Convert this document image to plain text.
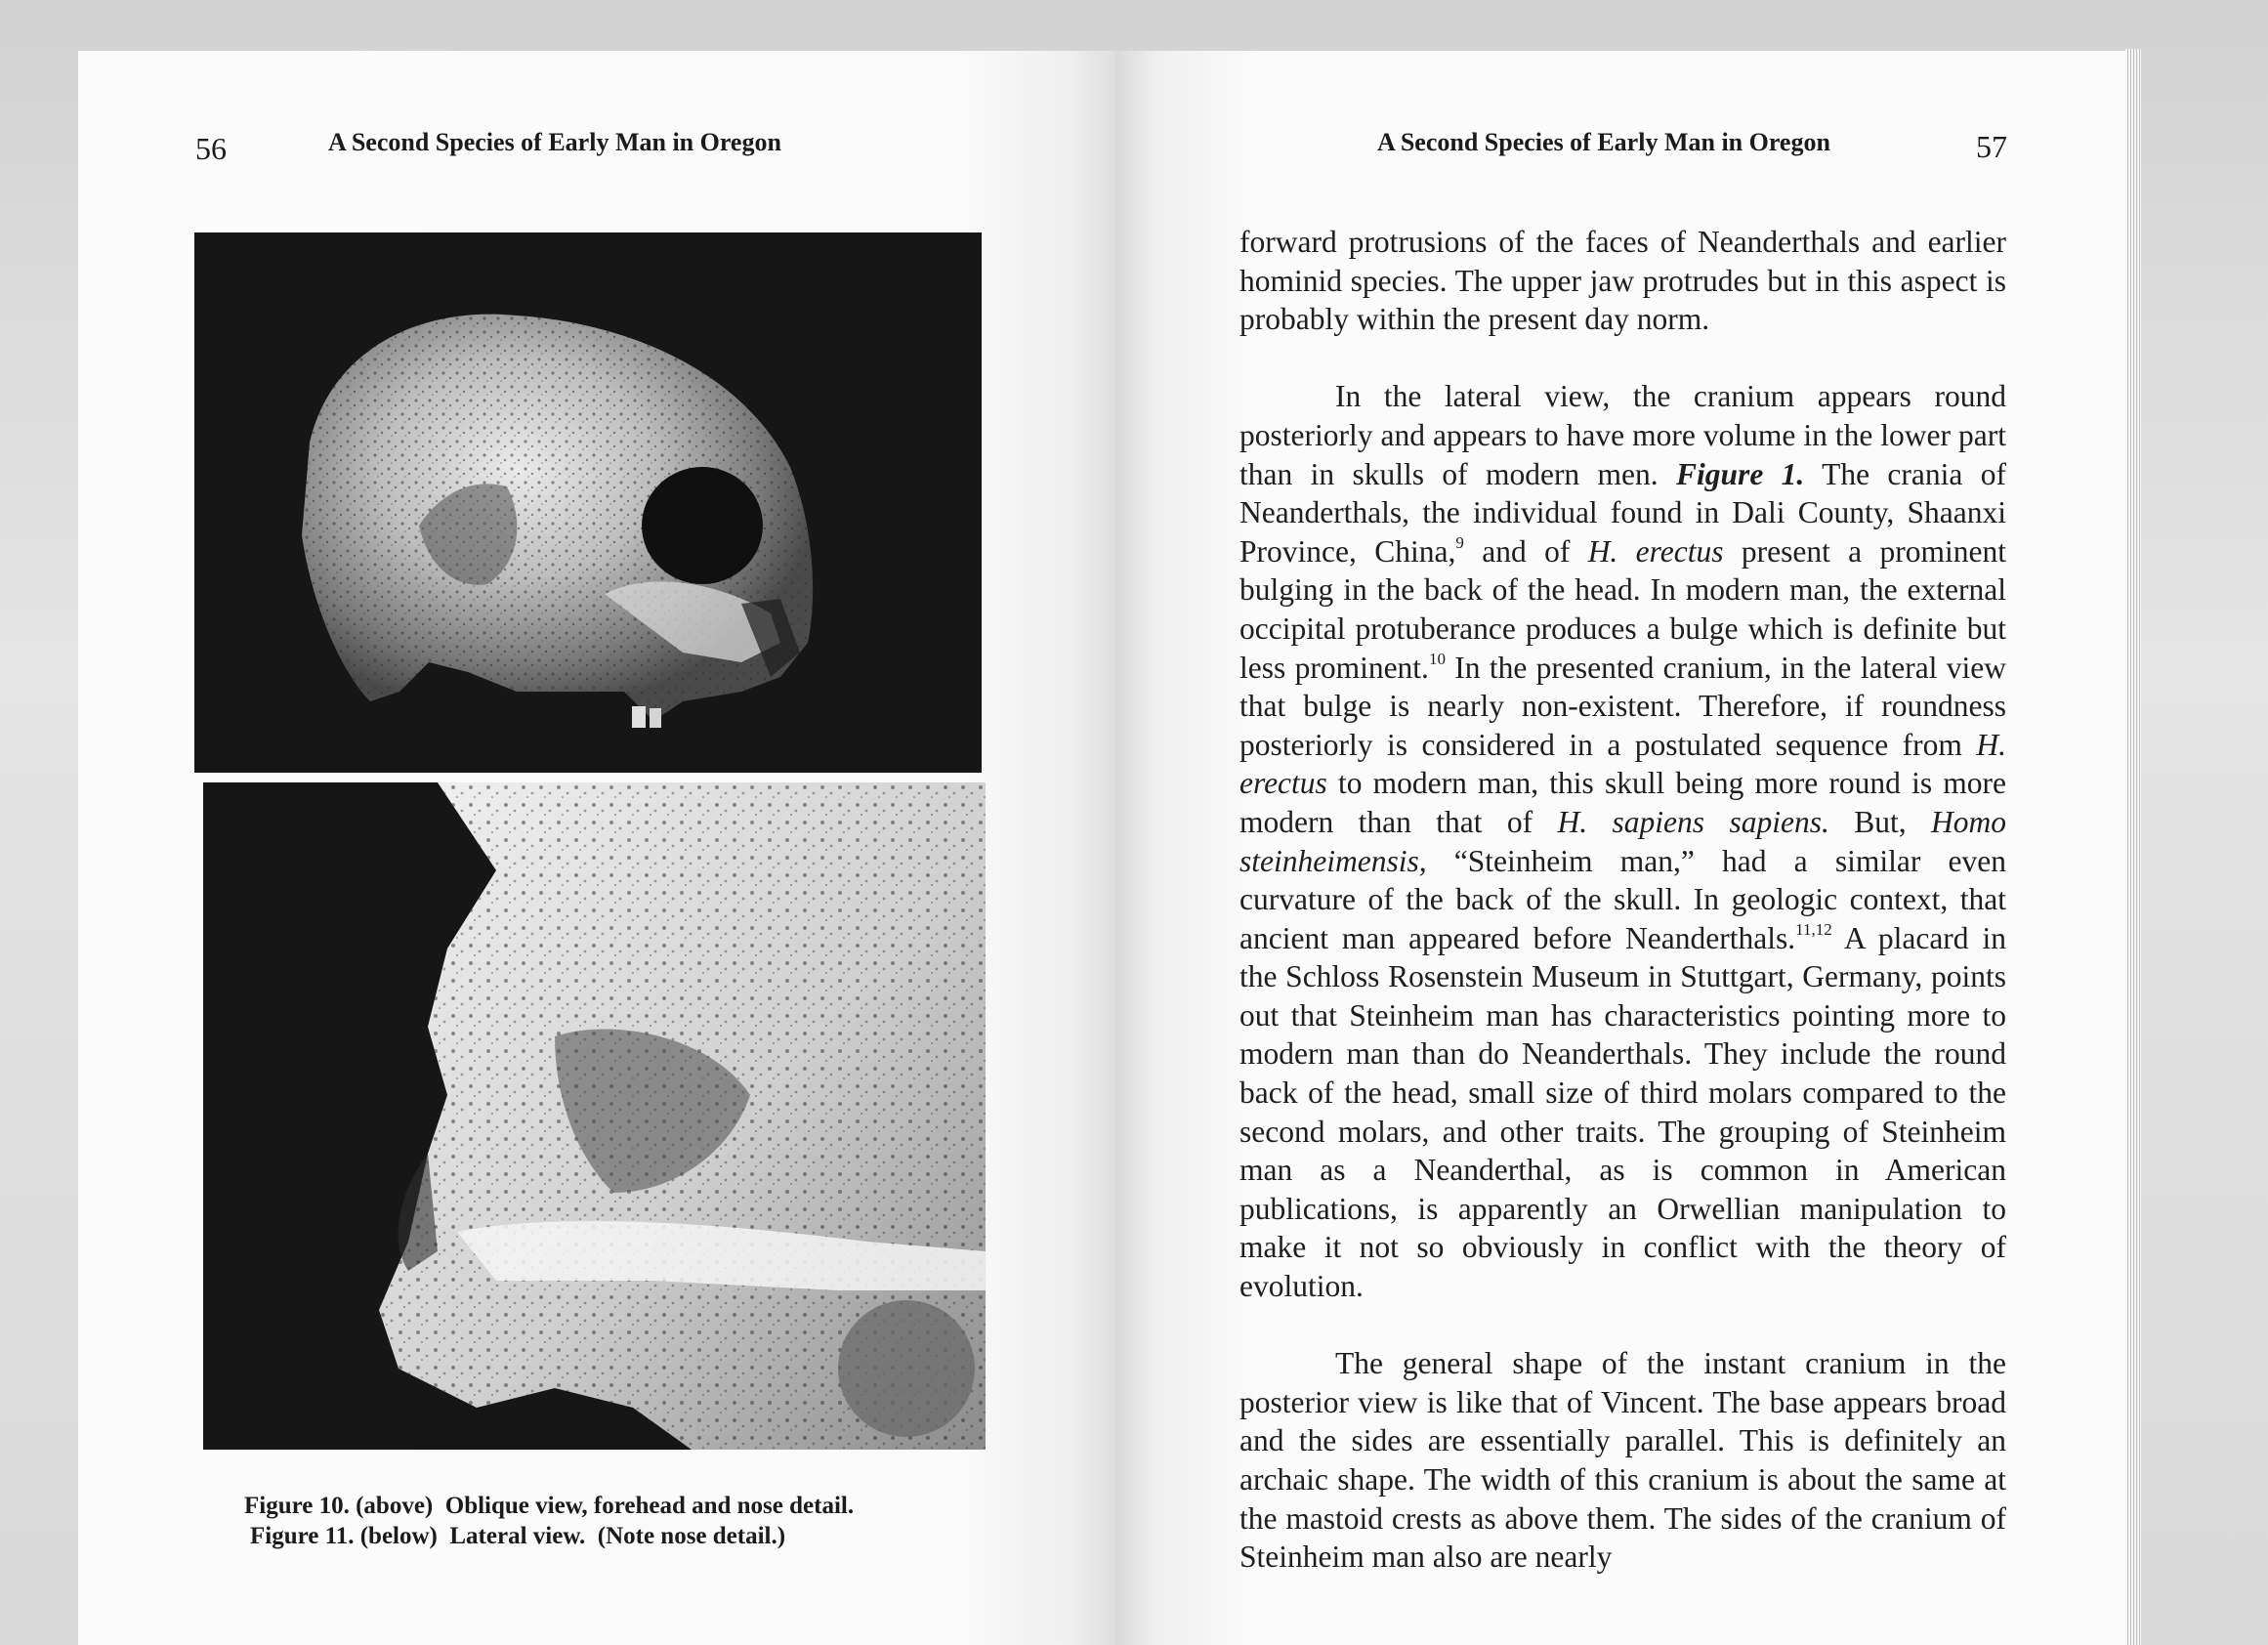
56	A Second Species of Early Man in Oregon	A Second Species of Early Man in Oregon	57
Figure 10. (above)  Oblique view, forehead and nose detail.
Figure 11. (below)  Lateral view.  (Note nose detail.)

forward protrusions of the faces of Neanderthals and earlier hominid species. The upper jaw protrudes but in this aspect is probably within the present day norm.

In the lateral view, the cranium appears round posteriorly and appears to have more volume in the lower part than in skulls of modern men. Figure 1. The crania of Neanderthals, the individual found in Dali County, Shaanxi Province, China,$^9$ and of H. erectus present a prominent bulging in the back of the head. In modern man, the external occipital protuberance produces a bulge which is definite but less prominent.$^{10}$ In the presented cranium, in the lateral view that bulge is nearly non-existent. Therefore, if roundness posteriorly is considered in a postulated sequence from H. erectus to modern man, this skull being more round is more modern than that of H. sapiens sapiens. But, Homo steinheimensis, “Steinheim man,” had a similar even curvature of the back of the skull. In geologic context, that ancient man appeared before Neanderthals.$^{11,12}$ A placard in the Schloss Rosenstein Museum in Stuttgart, Germany, points out that Steinheim man has characteristics pointing more to modern man than do Neanderthals. They include the round back of the head, small size of third molars compared to the second molars, and other traits. The grouping of Steinheim man as a Neanderthal, as is common in American publications, is apparently an Orwellian manipulation to make it not so obviously in conflict with the theory of evolution.

The general shape of the instant cranium in the posterior view is like that of Vincent. The base appears broad and the sides are essentially parallel. This is definitely an archaic shape. The width of this cranium is about the same at the mastoid crests as above them. The sides of the cranium of Steinheim man also are nearly
